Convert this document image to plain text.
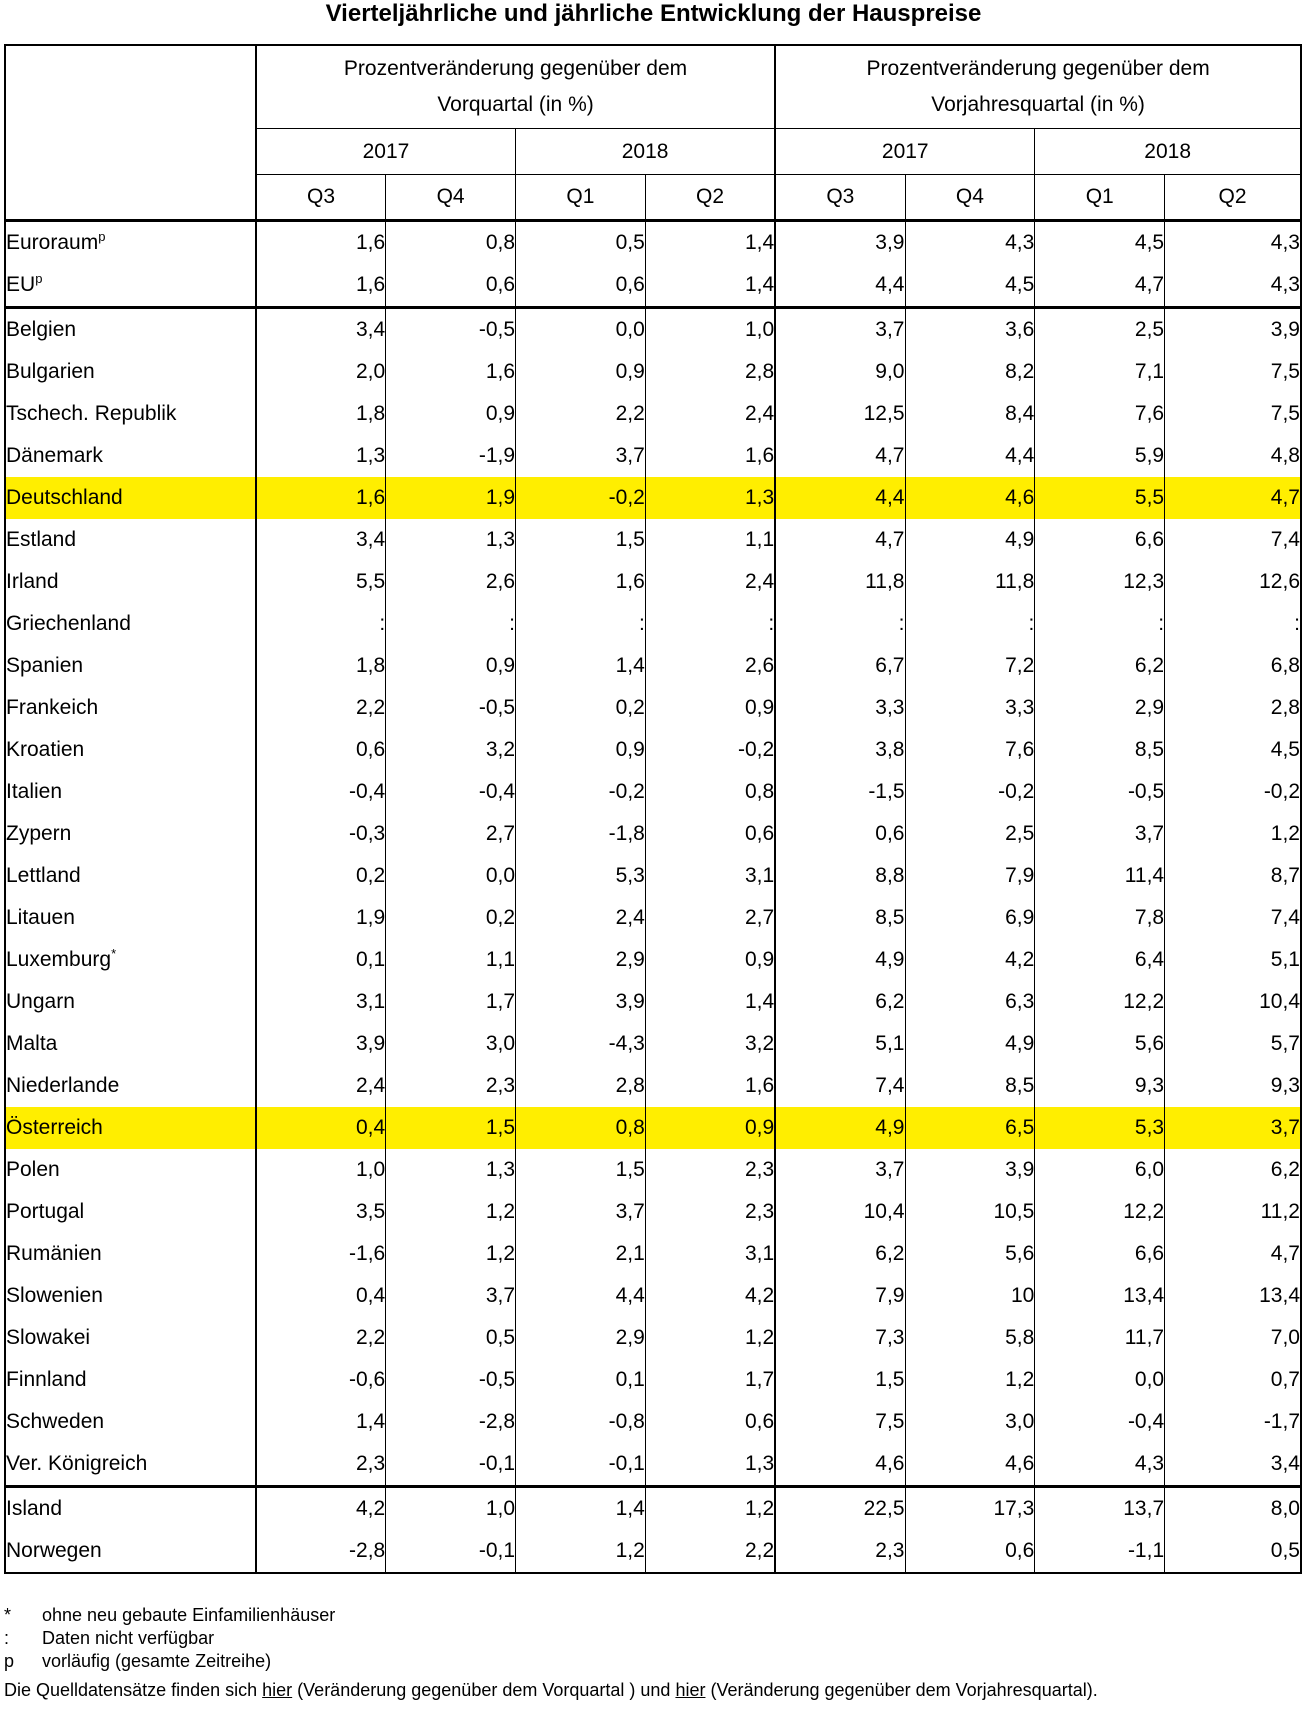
Vierteljährliche und jährliche Entwicklung der Hauspreise
	Prozentveränderung gegenüber dem Vorquartal (in %)				Prozentveränderung gegenüber dem Vorjahresquartal (in %)			
	2017		2018		2017		2018	
	Q3	Q4	Q1	Q2	Q3	Q4	Q1	Q2
Euroraum$^p$	1,6	0,8	0,5	1,4	3,9	4,3	4,5	4,3
$EU^p$	1,6	0,6	0,6	1,4	4,4	4,5	4,7	4,3
Belgien	3,4	-0,5	0,0	1,0	3,7	3,6	2,5	3,9
Bulgarien	2,0	1,6	0,9	2,8	9,0	8,2	7,1	7,5
Tschech. Republik	1,8	0,9	2,2	2,4	12,5	8,4	7,6	7,5
Dänemark	1,3	-1,9	3,7	1,6	4,7	4,4	5,9	4,8
Deutschland	1,6	1,9	-0,2	1,3	4,4	4,6	5,5	4,7
Estland	3,4	1,3	1,5	1,1	4,7	4,9	6,6	7,4
Irland	5,5	2,6	1,6	2,4	11,8	11,8	12,3	12,6
Griechenland	:	:	:	:	:	:	:	:
Spanien	1,8	0,9	1,4	2,6	6,7	7,2	6,2	6,8
Frankeich	2,2	-0,5	0,2	0,9	3,3	3,3	2,9	2,8
Kroatien	0,6	3,2	0,9	-0,2	3,8	7,6	8,5	4,5
Italien	-0,4	-0,4	-0,2	0,8	-1,5	-0,2	-0,5	-0,2
Zypern	-0,3	2,7	-1,8	0,6	0,6	2,5	3,7	1,2
Lettland	0,2	0,0	5,3	3,1	8,8	7,9	11,4	8,7
Litauen	1,9	0,2	2,4	2,7	8,5	6,9	7,8	7,4
Luxemburg*	0,1	1,1	2,9	0,9	4,9	4,2	6,4	5,1
Ungarn	3,1	1,7	3,9	1,4	6,2	6,3	12,2	10,4
Malta	3,9	3,0	-4,3	3,2	5,1	4,9	5,6	5,7
Niederlande	2,4	2,3	2,8	1,6	7,4	8,5	9,3	9,3
Österreich	0,4	1,5	0,8	0,9	4,9	6,5	5,3	3,7
Polen	1,0	1,3	1,5	2,3	3,7	3,9	6,0	6,2
Portugal	3,5	1,2	3,7	2,3	10,4	10,5	12,2	11,2
Rumänien	-1,6	1,2	2,1	3,1	6,2	5,6	6,6	4,7
Slowenien	0,4	3,7	4,4	4,2	7,9	10	13,4	13,4
Slowakei	2,2	0,5	2,9	1,2	7,3	5,8	11,7	7,0
Finnland	-0,6	-0,5	0,1	1,7	1,5	1,2	0,0	0,7
Schweden	1,4	-2,8	-0,8	0,6	7,5	3,0	-0,4	-1,7
Ver. Königreich	2,3	-0,1	-0,1	1,3	4,6	4,6	4,3	3,4
Island	4,2	1,0	1,4	1,2	22,5	17,3	13,7	8,0
Norwegen	-2,8	-0,1	1,2	2,2	2,3	0,6	-1,1	0,5
*	ohne neu gebaute Einfamilienhäuser
:	Daten nicht verfügbar
p	vorläufig (gesamte Zeitreihe)
Die Quelldatensätze finden sich hier (Veränderung gegenüber dem Vorquartal ) und hier (Veränderung gegenüber dem Vorjahresquartal).
